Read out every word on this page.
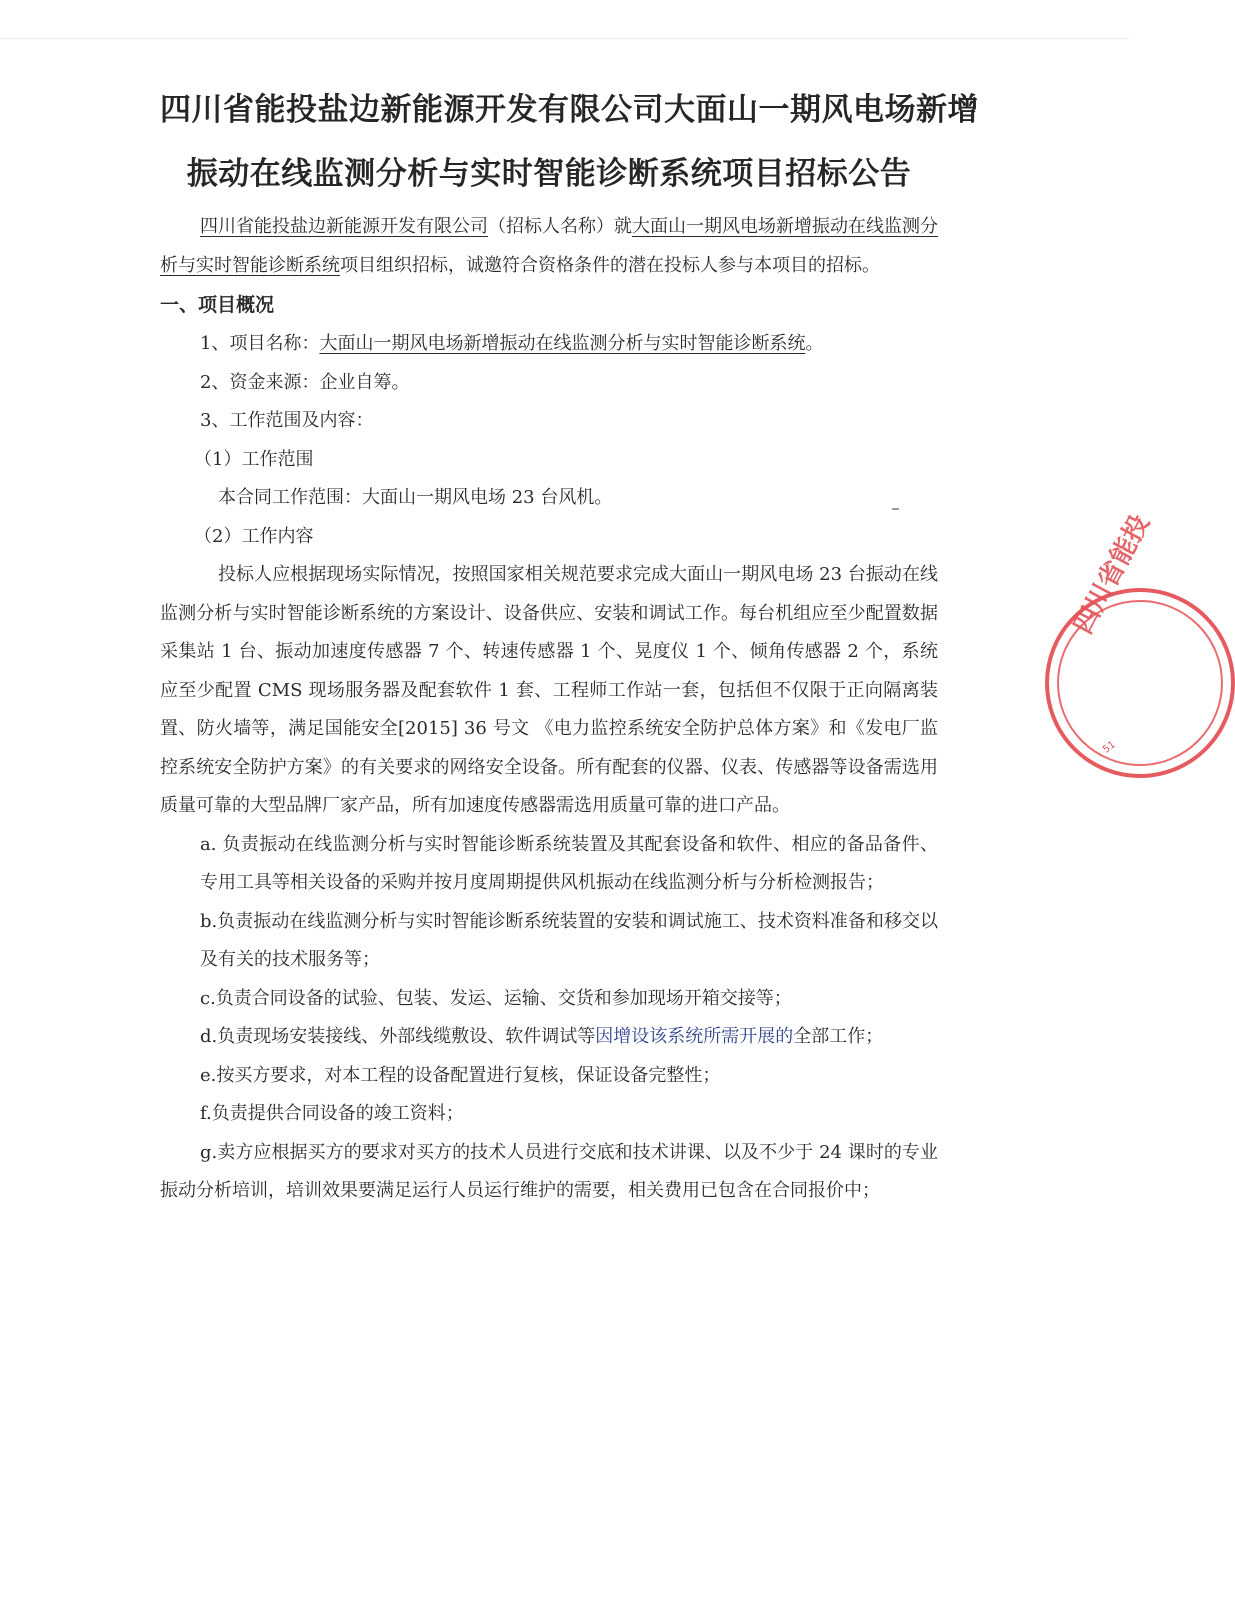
四川省能投盐边新能源开发有限公司大面山一期风电场新增
振动在线监测分析与实时智能诊断系统项目招标公告

四川省能投盐边新能源开发有限公司（招标人名称）就大面山一期风电场新增振动在线监测分析与实时智能诊断系统项目组织招标，诚邀符合资格条件的潜在投标人参与本项目的招标。

一、项目概况

1、项目名称：大面山一期风电场新增振动在线监测分析与实时智能诊断系统。

2、资金来源：企业自筹。

3、工作范围及内容：

（1）工作范围

本合同工作范围：大面山一期风电场 23 台风机。

（2）工作内容

投标人应根据现场实际情况，按照国家相关规范要求完成大面山一期风电场 23 台振动在线监测分析与实时智能诊断系统的方案设计、设备供应、安装和调试工作。每台机组应至少配置数据采集站 1 台、振动加速度传感器 7 个、转速传感器 1 个、晃度仪 1 个、倾角传感器 2 个，系统应至少配置 CMS 现场服务器及配套软件 1 套、工程师工作站一套，包括但不仅限于正向隔离装置、防火墙等，满足国能安全[2015] 36 号文 《电力监控系统安全防护总体方案》和《发电厂监控系统安全防护方案》的有关要求的网络安全设备。所有配套的仪器、仪表、传感器等设备需选用质量可靠的大型品牌厂家产品，所有加速度传感器需选用质量可靠的进口产品。

a. 负责振动在线监测分析与实时智能诊断系统装置及其配套设备和软件、相应的备品备件、专用工具等相关设备的采购并按月度周期提供风机振动在线监测分析与分析检测报告；

b.负责振动在线监测分析与实时智能诊断系统装置的安装和调试施工、技术资料准备和移交以及有关的技术服务等；

c.负责合同设备的试验、包装、发运、运输、交货和参加现场开箱交接等；

d.负责现场安装接线、外部线缆敷设、软件调试等因增设该系统所需开展的全部工作；

e.按买方要求，对本工程的设备配置进行复核，保证设备完整性；

f.负责提供合同设备的竣工资料；

g.卖方应根据买方的要求对买方的技术人员进行交底和技术讲课、以及不少于 24 课时的专业振动分析培训，培训效果要满足运行人员运行维护的需要，相关费用已包含在合同报价中；

四川省能投
51
